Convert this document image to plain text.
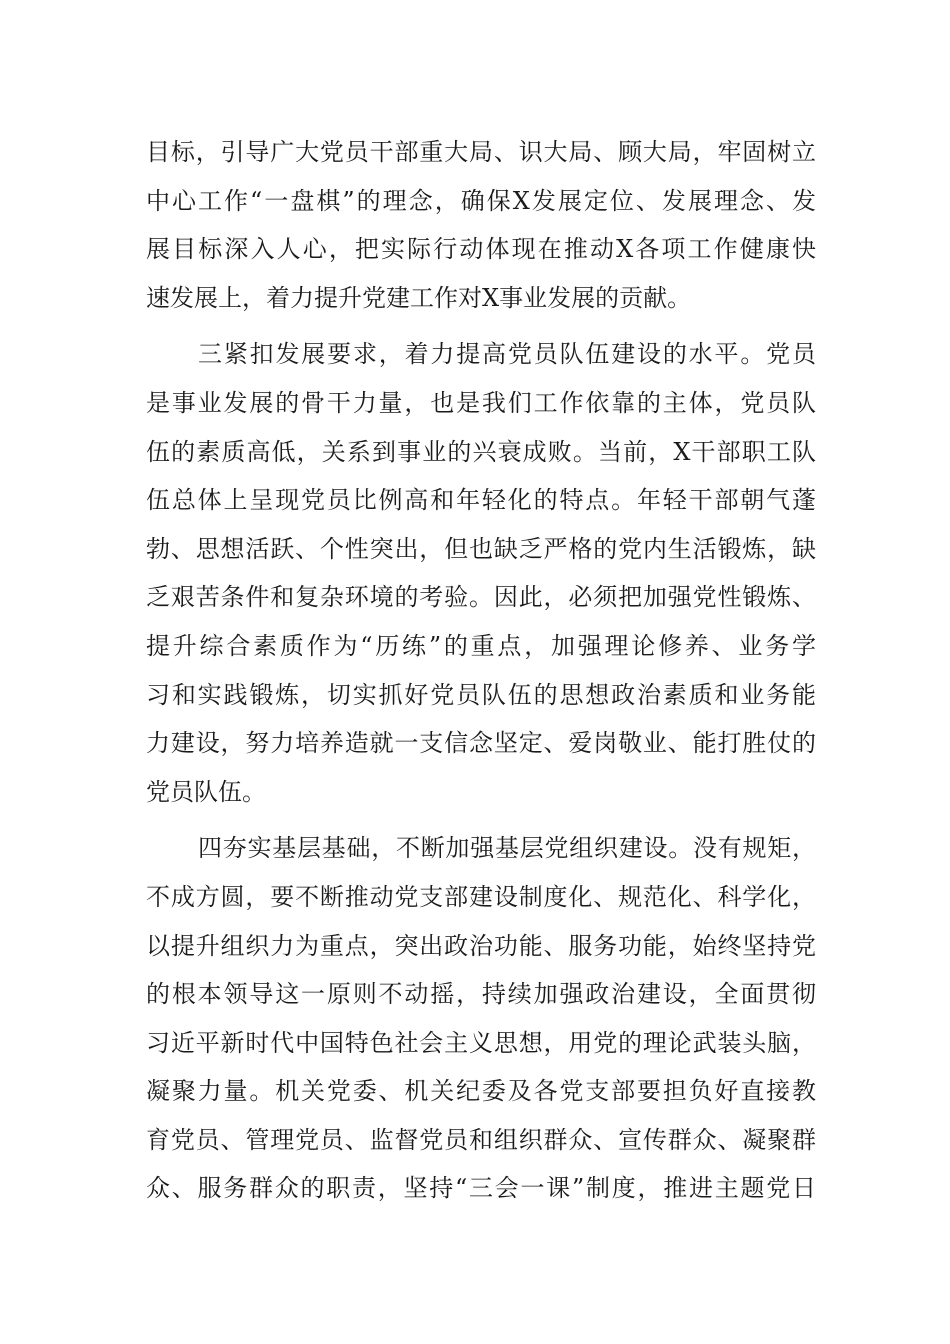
目标，引导广大党员干部重大局、识大局、顾大局，牢固树立
中心工作“一盘棋”的理念，确保X发展定位、发展理念、发
展目标深入人心，把实际行动体现在推动X各项工作健康快
速发展上，着力提升党建工作对X事业发展的贡献。
三紧扣发展要求，着力提高党员队伍建设的水平。党员
是事业发展的骨干力量，也是我们工作依靠的主体，党员队
伍的素质高低，关系到事业的兴衰成败。当前，X干部职工队
伍总体上呈现党员比例高和年轻化的特点。年轻干部朝气蓬
勃、思想活跃、个性突出，但也缺乏严格的党内生活锻炼，缺
乏艰苦条件和复杂环境的考验。因此，必须把加强党性锻炼、
提升综合素质作为“历练”的重点，加强理论修养、业务学
习和实践锻炼，切实抓好党员队伍的思想政治素质和业务能
力建设，努力培养造就一支信念坚定、爱岗敬业、能打胜仗的
党员队伍。
四夯实基层基础，不断加强基层党组织建设。没有规矩，
不成方圆，要不断推动党支部建设制度化、规范化、科学化，
以提升组织力为重点，突出政治功能、服务功能，始终坚持党
的根本领导这一原则不动摇，持续加强政治建设，全面贯彻
习近平新时代中国特色社会主义思想，用党的理论武装头脑，
凝聚力量。机关党委、机关纪委及各党支部要担负好直接教
育党员、管理党员、监督党员和组织群众、宣传群众、凝聚群
众、服务群众的职责，坚持“三会一课”制度，推进主题党日
